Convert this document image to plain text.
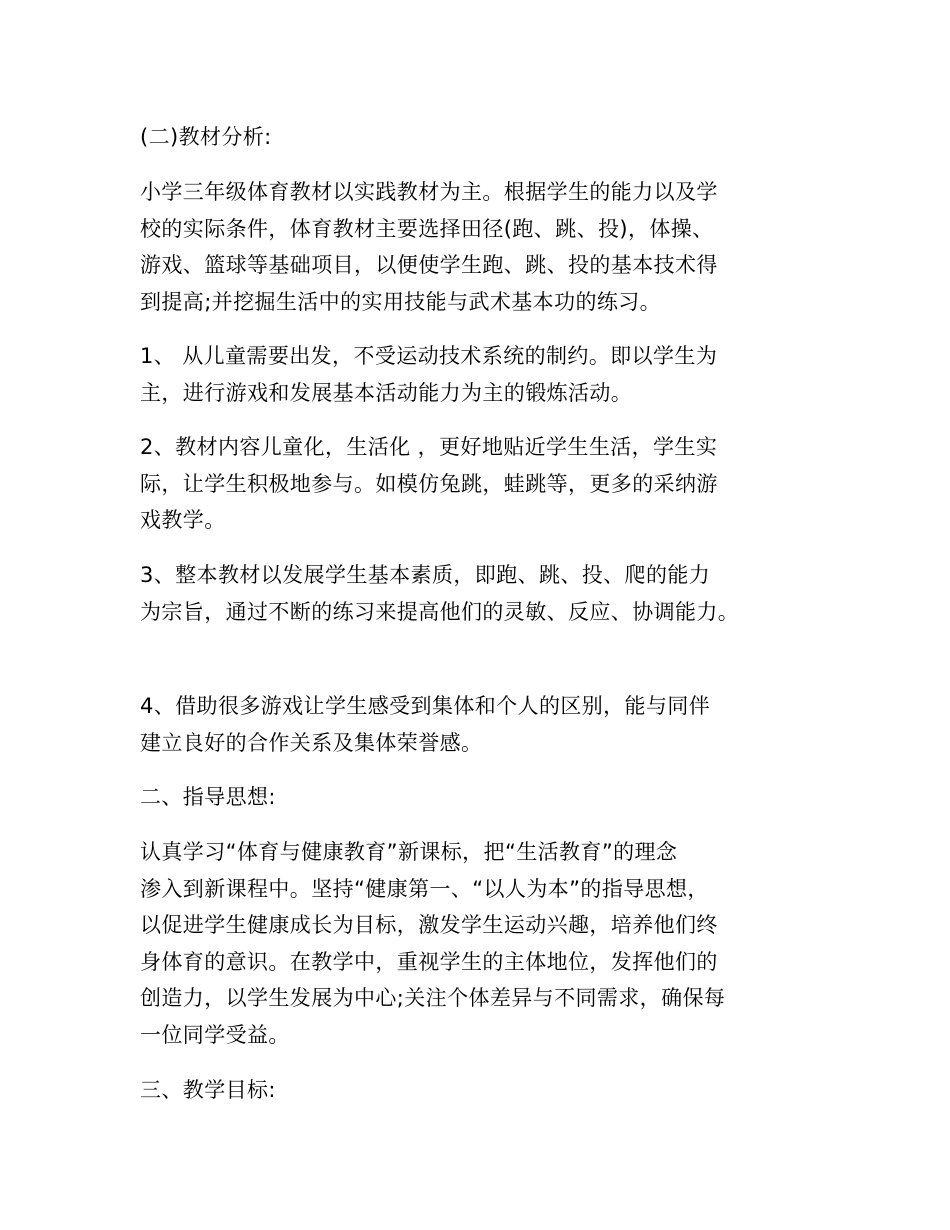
(二)教材分析:

小学三年级体育教材以实践教材为主。根据学生的能力以及学
校的实际条件，体育教材主要选择田径(跑、跳、投)，体操、
游戏、篮球等基础项目，以便使学生跑、跳、投的基本技术得
到提高;并挖掘生活中的实用技能与武术基本功的练习。

1、 从儿童需要出发，不受运动技术系统的制约。即以学生为
主，进行游戏和发展基本活动能力为主的锻炼活动。

2、教材内容儿童化，生活化 ，更好地贴近学生生活，学生实
际，让学生积极地参与。如模仿兔跳，蛙跳等，更多的采纳游
戏教学。

3、整本教材以发展学生基本素质，即跑、跳、投、爬的能力
为宗旨，通过不断的练习来提高他们的灵敏、反应、协调能力。

4、借助很多游戏让学生感受到集体和个人的区别，能与同伴
建立良好的合作关系及集体荣誉感。

二、指导思想:

认真学习“体育与健康教育”新课标，把“生活教育”的理念
渗入到新课程中。坚持“健康第一、“以人为本”的指导思想，
以促进学生健康成长为目标，激发学生运动兴趣，培养他们终
身体育的意识。在教学中，重视学生的主体地位，发挥他们的
创造力，以学生发展为中心;关注个体差异与不同需求，确保每
一位同学受益。

三、教学目标:
